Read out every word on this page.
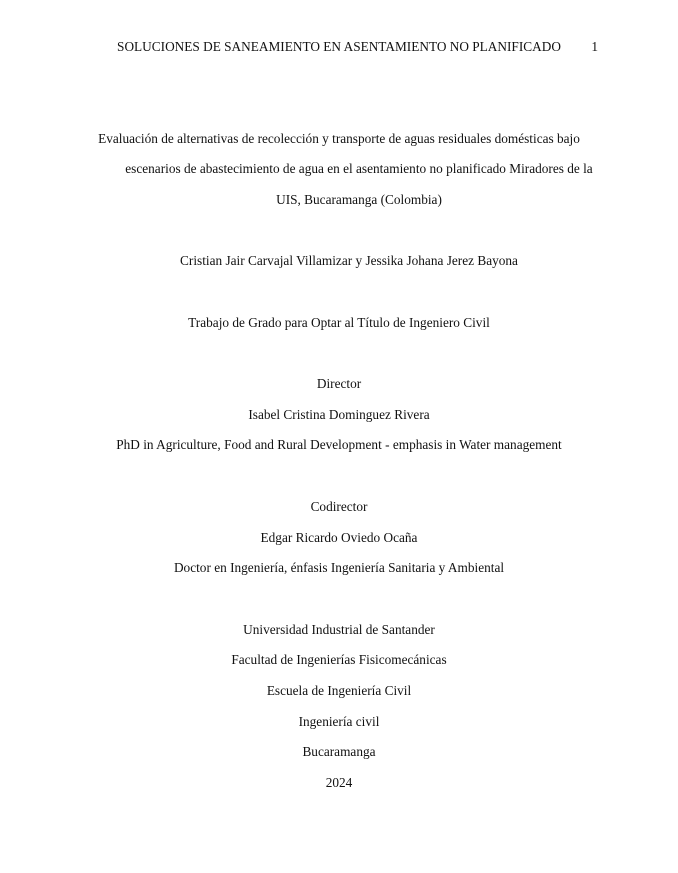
SOLUCIONES DE SANEAMIENTO EN ASENTAMIENTO NO PLANIFICADO 1
Evaluación de alternativas de recolección y transporte de aguas residuales domésticas bajo
escenarios de abastecimiento de agua en el asentamiento no planificado Miradores de la
UIS, Bucaramanga (Colombia)
Cristian Jair Carvajal Villamizar y Jessika Johana Jerez Bayona
Trabajo de Grado para Optar al Título de Ingeniero Civil
Director
Isabel Cristina Dominguez Rivera
PhD in Agriculture, Food and Rural Development - emphasis in Water management
Codirector
Edgar Ricardo Oviedo Ocaña
Doctor en Ingeniería, énfasis Ingeniería Sanitaria y Ambiental
Universidad Industrial de Santander
Facultad de Ingenierías Fisicomecánicas
Escuela de Ingeniería Civil
Ingeniería civil
Bucaramanga
2024
